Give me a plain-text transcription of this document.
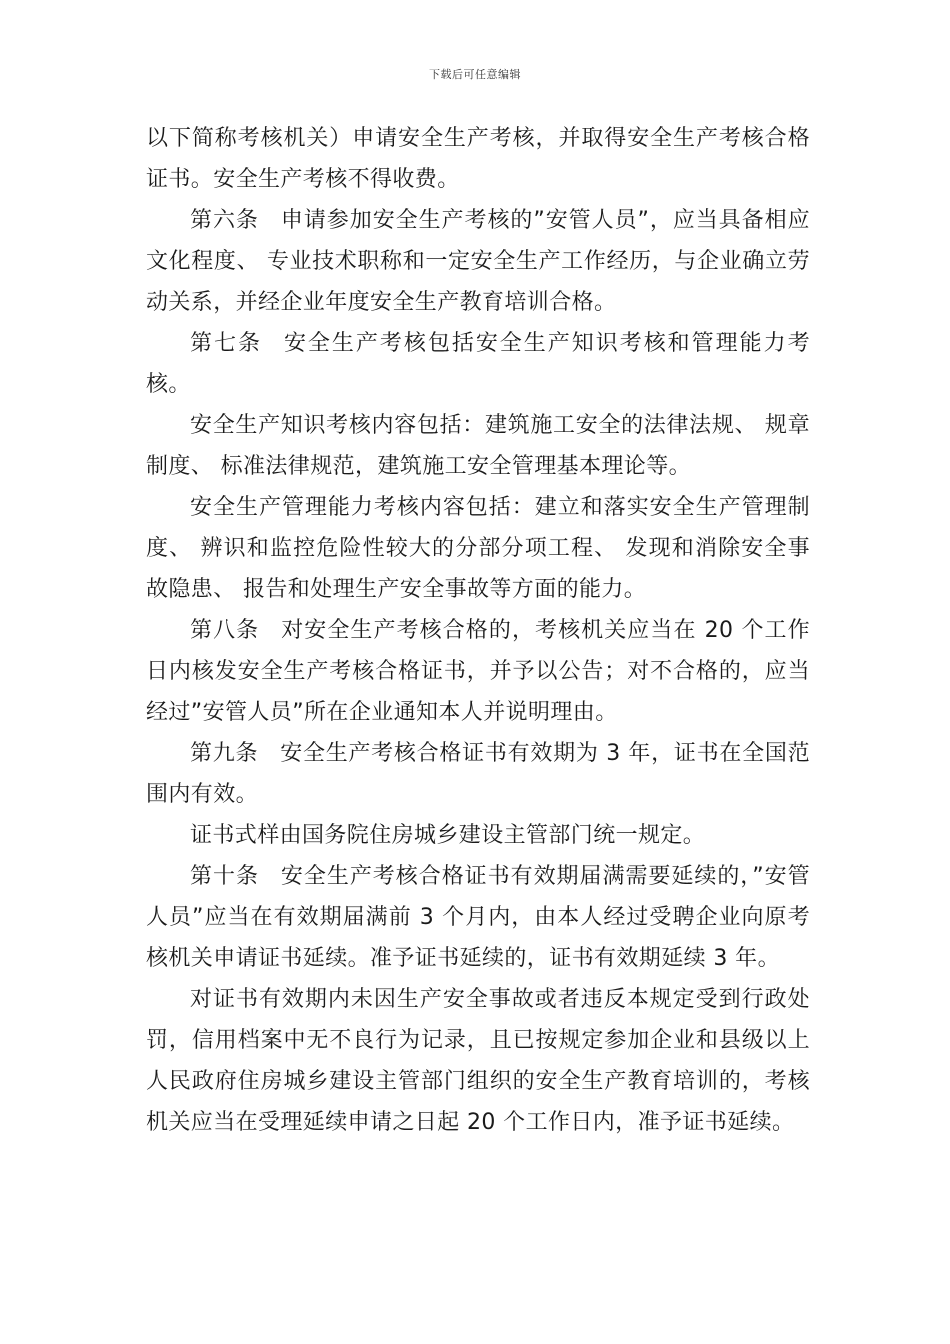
下载后可任意编辑

以下简称考核机关）申请安全生产考核，并取得安全生产考核合格证书。安全生产考核不得收费。

第六条 申请参加安全生产考核的”安管人员”，应当具备相应文化程度、 专业技术职称和一定安全生产工作经历，与企业确立劳动关系，并经企业年度安全生产教育培训合格。

第七条 安全生产考核包括安全生产知识考核和管理能力考核。

安全生产知识考核内容包括：建筑施工安全的法律法规、 规章制度、 标准法律规范，建筑施工安全管理基本理论等。

安全生产管理能力考核内容包括：建立和落实安全生产管理制度、 辨识和监控危险性较大的分部分项工程、 发现和消除安全事故隐患、 报告和处理生产安全事故等方面的能力。

第八条 对安全生产考核合格的，考核机关应当在 20 个工作日内核发安全生产考核合格证书，并予以公告；对不合格的，应当经过”安管人员”所在企业通知本人并说明理由。

第九条 安全生产考核合格证书有效期为 3 年，证书在全国范围内有效。

证书式样由国务院住房城乡建设主管部门统一规定。

第十条 安全生产考核合格证书有效期届满需要延续的，”安管人员”应当在有效期届满前 3 个月内，由本人经过受聘企业向原考核机关申请证书延续。准予证书延续的，证书有效期延续 3 年。

对证书有效期内未因生产安全事故或者违反本规定受到行政处罚，信用档案中无不良行为记录，且已按规定参加企业和县级以上人民政府住房城乡建设主管部门组织的安全生产教育培训的，考核机关应当在受理延续申请之日起 20 个工作日内，准予证书延续。
